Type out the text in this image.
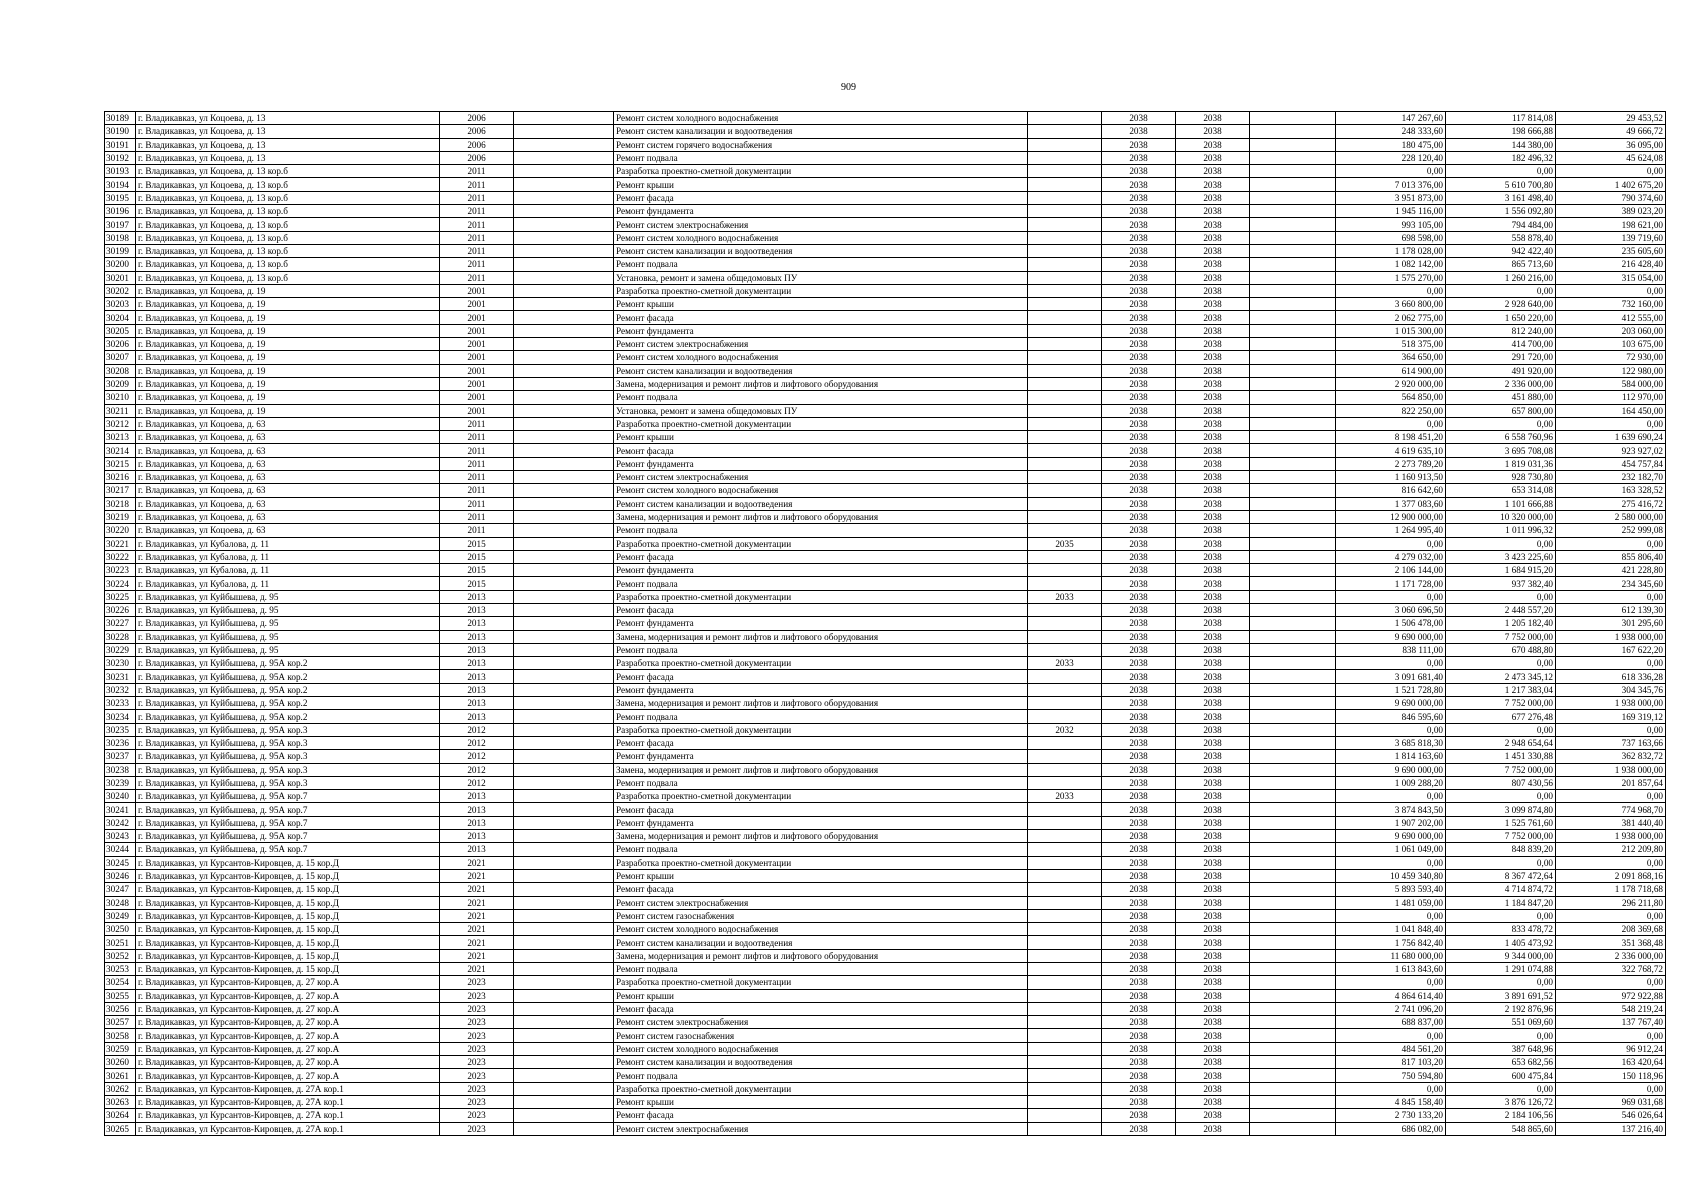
909
30189	г. Владикавказ, ул Коцоева, д. 13	2006		Ремонт систем холодного водоснабжения		2038	2038		147 267,60	117 814,08	29 453,52
30190	г. Владикавказ, ул Коцоева, д. 13	2006		Ремонт систем канализации и водоотведения		2038	2038		248 333,60	198 666,88	49 666,72
30191	г. Владикавказ, ул Коцоева, д. 13	2006		Ремонт систем горячего водоснабжения		2038	2038		180 475,00	144 380,00	36 095,00
30192	г. Владикавказ, ул Коцоева, д. 13	2006		Ремонт подвала		2038	2038		228 120,40	182 496,32	45 624,08
30193	г. Владикавказ, ул Коцоева, д. 13 кор.б	2011		Разработка проектно-сметной документации		2038	2038		0,00	0,00	0,00
30194	г. Владикавказ, ул Коцоева, д. 13 кор.б	2011		Ремонт крыши		2038	2038		7 013 376,00	5 610 700,80	1 402 675,20
30195	г. Владикавказ, ул Коцоева, д. 13 кор.б	2011		Ремонт фасада		2038	2038		3 951 873,00	3 161 498,40	790 374,60
30196	г. Владикавказ, ул Коцоева, д. 13 кор.б	2011		Ремонт фундамента		2038	2038		1 945 116,00	1 556 092,80	389 023,20
30197	г. Владикавказ, ул Коцоева, д. 13 кор.б	2011		Ремонт систем электроснабжения		2038	2038		993 105,00	794 484,00	198 621,00
30198	г. Владикавказ, ул Коцоева, д. 13 кор.б	2011		Ремонт систем холодного водоснабжения		2038	2038		698 598,00	558 878,40	139 719,60
30199	г. Владикавказ, ул Коцоева, д. 13 кор.б	2011		Ремонт систем канализации и водоотведения		2038	2038		1 178 028,00	942 422,40	235 605,60
30200	г. Владикавказ, ул Коцоева, д. 13 кор.б	2011		Ремонт подвала		2038	2038		1 082 142,00	865 713,60	216 428,40
30201	г. Владикавказ, ул Коцоева, д. 13 кор.б	2011		Установка, ремонт и замена общедомовых ПУ		2038	2038		1 575 270,00	1 260 216,00	315 054,00
30202	г. Владикавказ, ул Коцоева, д. 19	2001		Разработка проектно-сметной документации		2038	2038		0,00	0,00	0,00
30203	г. Владикавказ, ул Коцоева, д. 19	2001		Ремонт крыши		2038	2038		3 660 800,00	2 928 640,00	732 160,00
30204	г. Владикавказ, ул Коцоева, д. 19	2001		Ремонт фасада		2038	2038		2 062 775,00	1 650 220,00	412 555,00
30205	г. Владикавказ, ул Коцоева, д. 19	2001		Ремонт фундамента		2038	2038		1 015 300,00	812 240,00	203 060,00
30206	г. Владикавказ, ул Коцоева, д. 19	2001		Ремонт систем электроснабжения		2038	2038		518 375,00	414 700,00	103 675,00
30207	г. Владикавказ, ул Коцоева, д. 19	2001		Ремонт систем холодного водоснабжения		2038	2038		364 650,00	291 720,00	72 930,00
30208	г. Владикавказ, ул Коцоева, д. 19	2001		Ремонт систем канализации и водоотведения		2038	2038		614 900,00	491 920,00	122 980,00
30209	г. Владикавказ, ул Коцоева, д. 19	2001		Замена, модернизация и ремонт лифтов и лифтового оборудования		2038	2038		2 920 000,00	2 336 000,00	584 000,00
30210	г. Владикавказ, ул Коцоева, д. 19	2001		Ремонт подвала		2038	2038		564 850,00	451 880,00	112 970,00
30211	г. Владикавказ, ул Коцоева, д. 19	2001		Установка, ремонт и замена общедомовых ПУ		2038	2038		822 250,00	657 800,00	164 450,00
30212	г. Владикавказ, ул Коцоева, д. 63	2011		Разработка проектно-сметной документации		2038	2038		0,00	0,00	0,00
30213	г. Владикавказ, ул Коцоева, д. 63	2011		Ремонт крыши		2038	2038		8 198 451,20	6 558 760,96	1 639 690,24
30214	г. Владикавказ, ул Коцоева, д. 63	2011		Ремонт фасада		2038	2038		4 619 635,10	3 695 708,08	923 927,02
30215	г. Владикавказ, ул Коцоева, д. 63	2011		Ремонт фундамента		2038	2038		2 273 789,20	1 819 031,36	454 757,84
30216	г. Владикавказ, ул Коцоева, д. 63	2011		Ремонт систем электроснабжения		2038	2038		1 160 913,50	928 730,80	232 182,70
30217	г. Владикавказ, ул Коцоева, д. 63	2011		Ремонт систем холодного водоснабжения		2038	2038		816 642,60	653 314,08	163 328,52
30218	г. Владикавказ, ул Коцоева, д. 63	2011		Ремонт систем канализации и водоотведения		2038	2038		1 377 083,60	1 101 666,88	275 416,72
30219	г. Владикавказ, ул Коцоева, д. 63	2011		Замена, модернизация и ремонт лифтов и лифтового оборудования		2038	2038		12 900 000,00	10 320 000,00	2 580 000,00
30220	г. Владикавказ, ул Коцоева, д. 63	2011		Ремонт подвала		2038	2038		1 264 995,40	1 011 996,32	252 999,08
30221	г. Владикавказ, ул Кубалова, д. 11	2015		Разработка проектно-сметной документации	2035	2038	2038		0,00	0,00	0,00
30222	г. Владикавказ, ул Кубалова, д. 11	2015		Ремонт фасада		2038	2038		4 279 032,00	3 423 225,60	855 806,40
30223	г. Владикавказ, ул Кубалова, д. 11	2015		Ремонт фундамента		2038	2038		2 106 144,00	1 684 915,20	421 228,80
30224	г. Владикавказ, ул Кубалова, д. 11	2015		Ремонт подвала		2038	2038		1 171 728,00	937 382,40	234 345,60
30225	г. Владикавказ, ул Куйбышева, д. 95	2013		Разработка проектно-сметной документации	2033	2038	2038		0,00	0,00	0,00
30226	г. Владикавказ, ул Куйбышева, д. 95	2013		Ремонт фасада		2038	2038		3 060 696,50	2 448 557,20	612 139,30
30227	г. Владикавказ, ул Куйбышева, д. 95	2013		Ремонт фундамента		2038	2038		1 506 478,00	1 205 182,40	301 295,60
30228	г. Владикавказ, ул Куйбышева, д. 95	2013		Замена, модернизация и ремонт лифтов и лифтового оборудования		2038	2038		9 690 000,00	7 752 000,00	1 938 000,00
30229	г. Владикавказ, ул Куйбышева, д. 95	2013		Ремонт подвала		2038	2038		838 111,00	670 488,80	167 622,20
30230	г. Владикавказ, ул Куйбышева, д. 95А кор.2	2013		Разработка проектно-сметной документации	2033	2038	2038		0,00	0,00	0,00
30231	г. Владикавказ, ул Куйбышева, д. 95А кор.2	2013		Ремонт фасада		2038	2038		3 091 681,40	2 473 345,12	618 336,28
30232	г. Владикавказ, ул Куйбышева, д. 95А кор.2	2013		Ремонт фундамента		2038	2038		1 521 728,80	1 217 383,04	304 345,76
30233	г. Владикавказ, ул Куйбышева, д. 95А кор.2	2013		Замена, модернизация и ремонт лифтов и лифтового оборудования		2038	2038		9 690 000,00	7 752 000,00	1 938 000,00
30234	г. Владикавказ, ул Куйбышева, д. 95А кор.2	2013		Ремонт подвала		2038	2038		846 595,60	677 276,48	169 319,12
30235	г. Владикавказ, ул Куйбышева, д. 95А кор.3	2012		Разработка проектно-сметной документации	2032	2038	2038		0,00	0,00	0,00
30236	г. Владикавказ, ул Куйбышева, д. 95А кор.3	2012		Ремонт фасада		2038	2038		3 685 818,30	2 948 654,64	737 163,66
30237	г. Владикавказ, ул Куйбышева, д. 95А кор.3	2012		Ремонт фундамента		2038	2038		1 814 163,60	1 451 330,88	362 832,72
30238	г. Владикавказ, ул Куйбышева, д. 95А кор.3	2012		Замена, модернизация и ремонт лифтов и лифтового оборудования		2038	2038		9 690 000,00	7 752 000,00	1 938 000,00
30239	г. Владикавказ, ул Куйбышева, д. 95А кор.3	2012		Ремонт подвала		2038	2038		1 009 288,20	807 430,56	201 857,64
30240	г. Владикавказ, ул Куйбышева, д. 95А кор.7	2013		Разработка проектно-сметной документации	2033	2038	2038		0,00	0,00	0,00
30241	г. Владикавказ, ул Куйбышева, д. 95А кор.7	2013		Ремонт фасада		2038	2038		3 874 843,50	3 099 874,80	774 968,70
30242	г. Владикавказ, ул Куйбышева, д. 95А кор.7	2013		Ремонт фундамента		2038	2038		1 907 202,00	1 525 761,60	381 440,40
30243	г. Владикавказ, ул Куйбышева, д. 95А кор.7	2013		Замена, модернизация и ремонт лифтов и лифтового оборудования		2038	2038		9 690 000,00	7 752 000,00	1 938 000,00
30244	г. Владикавказ, ул Куйбышева, д. 95А кор.7	2013		Ремонт подвала		2038	2038		1 061 049,00	848 839,20	212 209,80
30245	г. Владикавказ, ул Курсантов-Кировцев, д. 15 кор.Д	2021		Разработка проектно-сметной документации		2038	2038		0,00	0,00	0,00
30246	г. Владикавказ, ул Курсантов-Кировцев, д. 15 кор.Д	2021		Ремонт крыши		2038	2038		10 459 340,80	8 367 472,64	2 091 868,16
30247	г. Владикавказ, ул Курсантов-Кировцев, д. 15 кор.Д	2021		Ремонт фасада		2038	2038		5 893 593,40	4 714 874,72	1 178 718,68
30248	г. Владикавказ, ул Курсантов-Кировцев, д. 15 кор.Д	2021		Ремонт систем электроснабжения		2038	2038		1 481 059,00	1 184 847,20	296 211,80
30249	г. Владикавказ, ул Курсантов-Кировцев, д. 15 кор.Д	2021		Ремонт систем газоснабжения		2038	2038		0,00	0,00	0,00
30250	г. Владикавказ, ул Курсантов-Кировцев, д. 15 кор.Д	2021		Ремонт систем холодного водоснабжения		2038	2038		1 041 848,40	833 478,72	208 369,68
30251	г. Владикавказ, ул Курсантов-Кировцев, д. 15 кор.Д	2021		Ремонт систем канализации и водоотведения		2038	2038		1 756 842,40	1 405 473,92	351 368,48
30252	г. Владикавказ, ул Курсантов-Кировцев, д. 15 кор.Д	2021		Замена, модернизация и ремонт лифтов и лифтового оборудования		2038	2038		11 680 000,00	9 344 000,00	2 336 000,00
30253	г. Владикавказ, ул Курсантов-Кировцев, д. 15 кор.Д	2021		Ремонт подвала		2038	2038		1 613 843,60	1 291 074,88	322 768,72
30254	г. Владикавказ, ул Курсантов-Кировцев, д. 27 кор.А	2023		Разработка проектно-сметной документации		2038	2038		0,00	0,00	0,00
30255	г. Владикавказ, ул Курсантов-Кировцев, д. 27 кор.А	2023		Ремонт крыши		2038	2038		4 864 614,40	3 891 691,52	972 922,88
30256	г. Владикавказ, ул Курсантов-Кировцев, д. 27 кор.А	2023		Ремонт фасада		2038	2038		2 741 096,20	2 192 876,96	548 219,24
30257	г. Владикавказ, ул Курсантов-Кировцев, д. 27 кор.А	2023		Ремонт систем электроснабжения		2038	2038		688 837,00	551 069,60	137 767,40
30258	г. Владикавказ, ул Курсантов-Кировцев, д. 27 кор.А	2023		Ремонт систем газоснабжения		2038	2038		0,00	0,00	0,00
30259	г. Владикавказ, ул Курсантов-Кировцев, д. 27 кор.А	2023		Ремонт систем холодного водоснабжения		2038	2038		484 561,20	387 648,96	96 912,24
30260	г. Владикавказ, ул Курсантов-Кировцев, д. 27 кор.А	2023		Ремонт систем канализации и водоотведения		2038	2038		817 103,20	653 682,56	163 420,64
30261	г. Владикавказ, ул Курсантов-Кировцев, д. 27 кор.А	2023		Ремонт подвала		2038	2038		750 594,80	600 475,84	150 118,96
30262	г. Владикавказ, ул Курсантов-Кировцев, д. 27А кор.1	2023		Разработка проектно-сметной документации		2038	2038		0,00	0,00	0,00
30263	г. Владикавказ, ул Курсантов-Кировцев, д. 27А кор.1	2023		Ремонт крыши		2038	2038		4 845 158,40	3 876 126,72	969 031,68
30264	г. Владикавказ, ул Курсантов-Кировцев, д. 27А кор.1	2023		Ремонт фасада		2038	2038		2 730 133,20	2 184 106,56	546 026,64
30265	г. Владикавказ, ул Курсантов-Кировцев, д. 27А кор.1	2023		Ремонт систем электроснабжения		2038	2038		686 082,00	548 865,60	137 216,40
